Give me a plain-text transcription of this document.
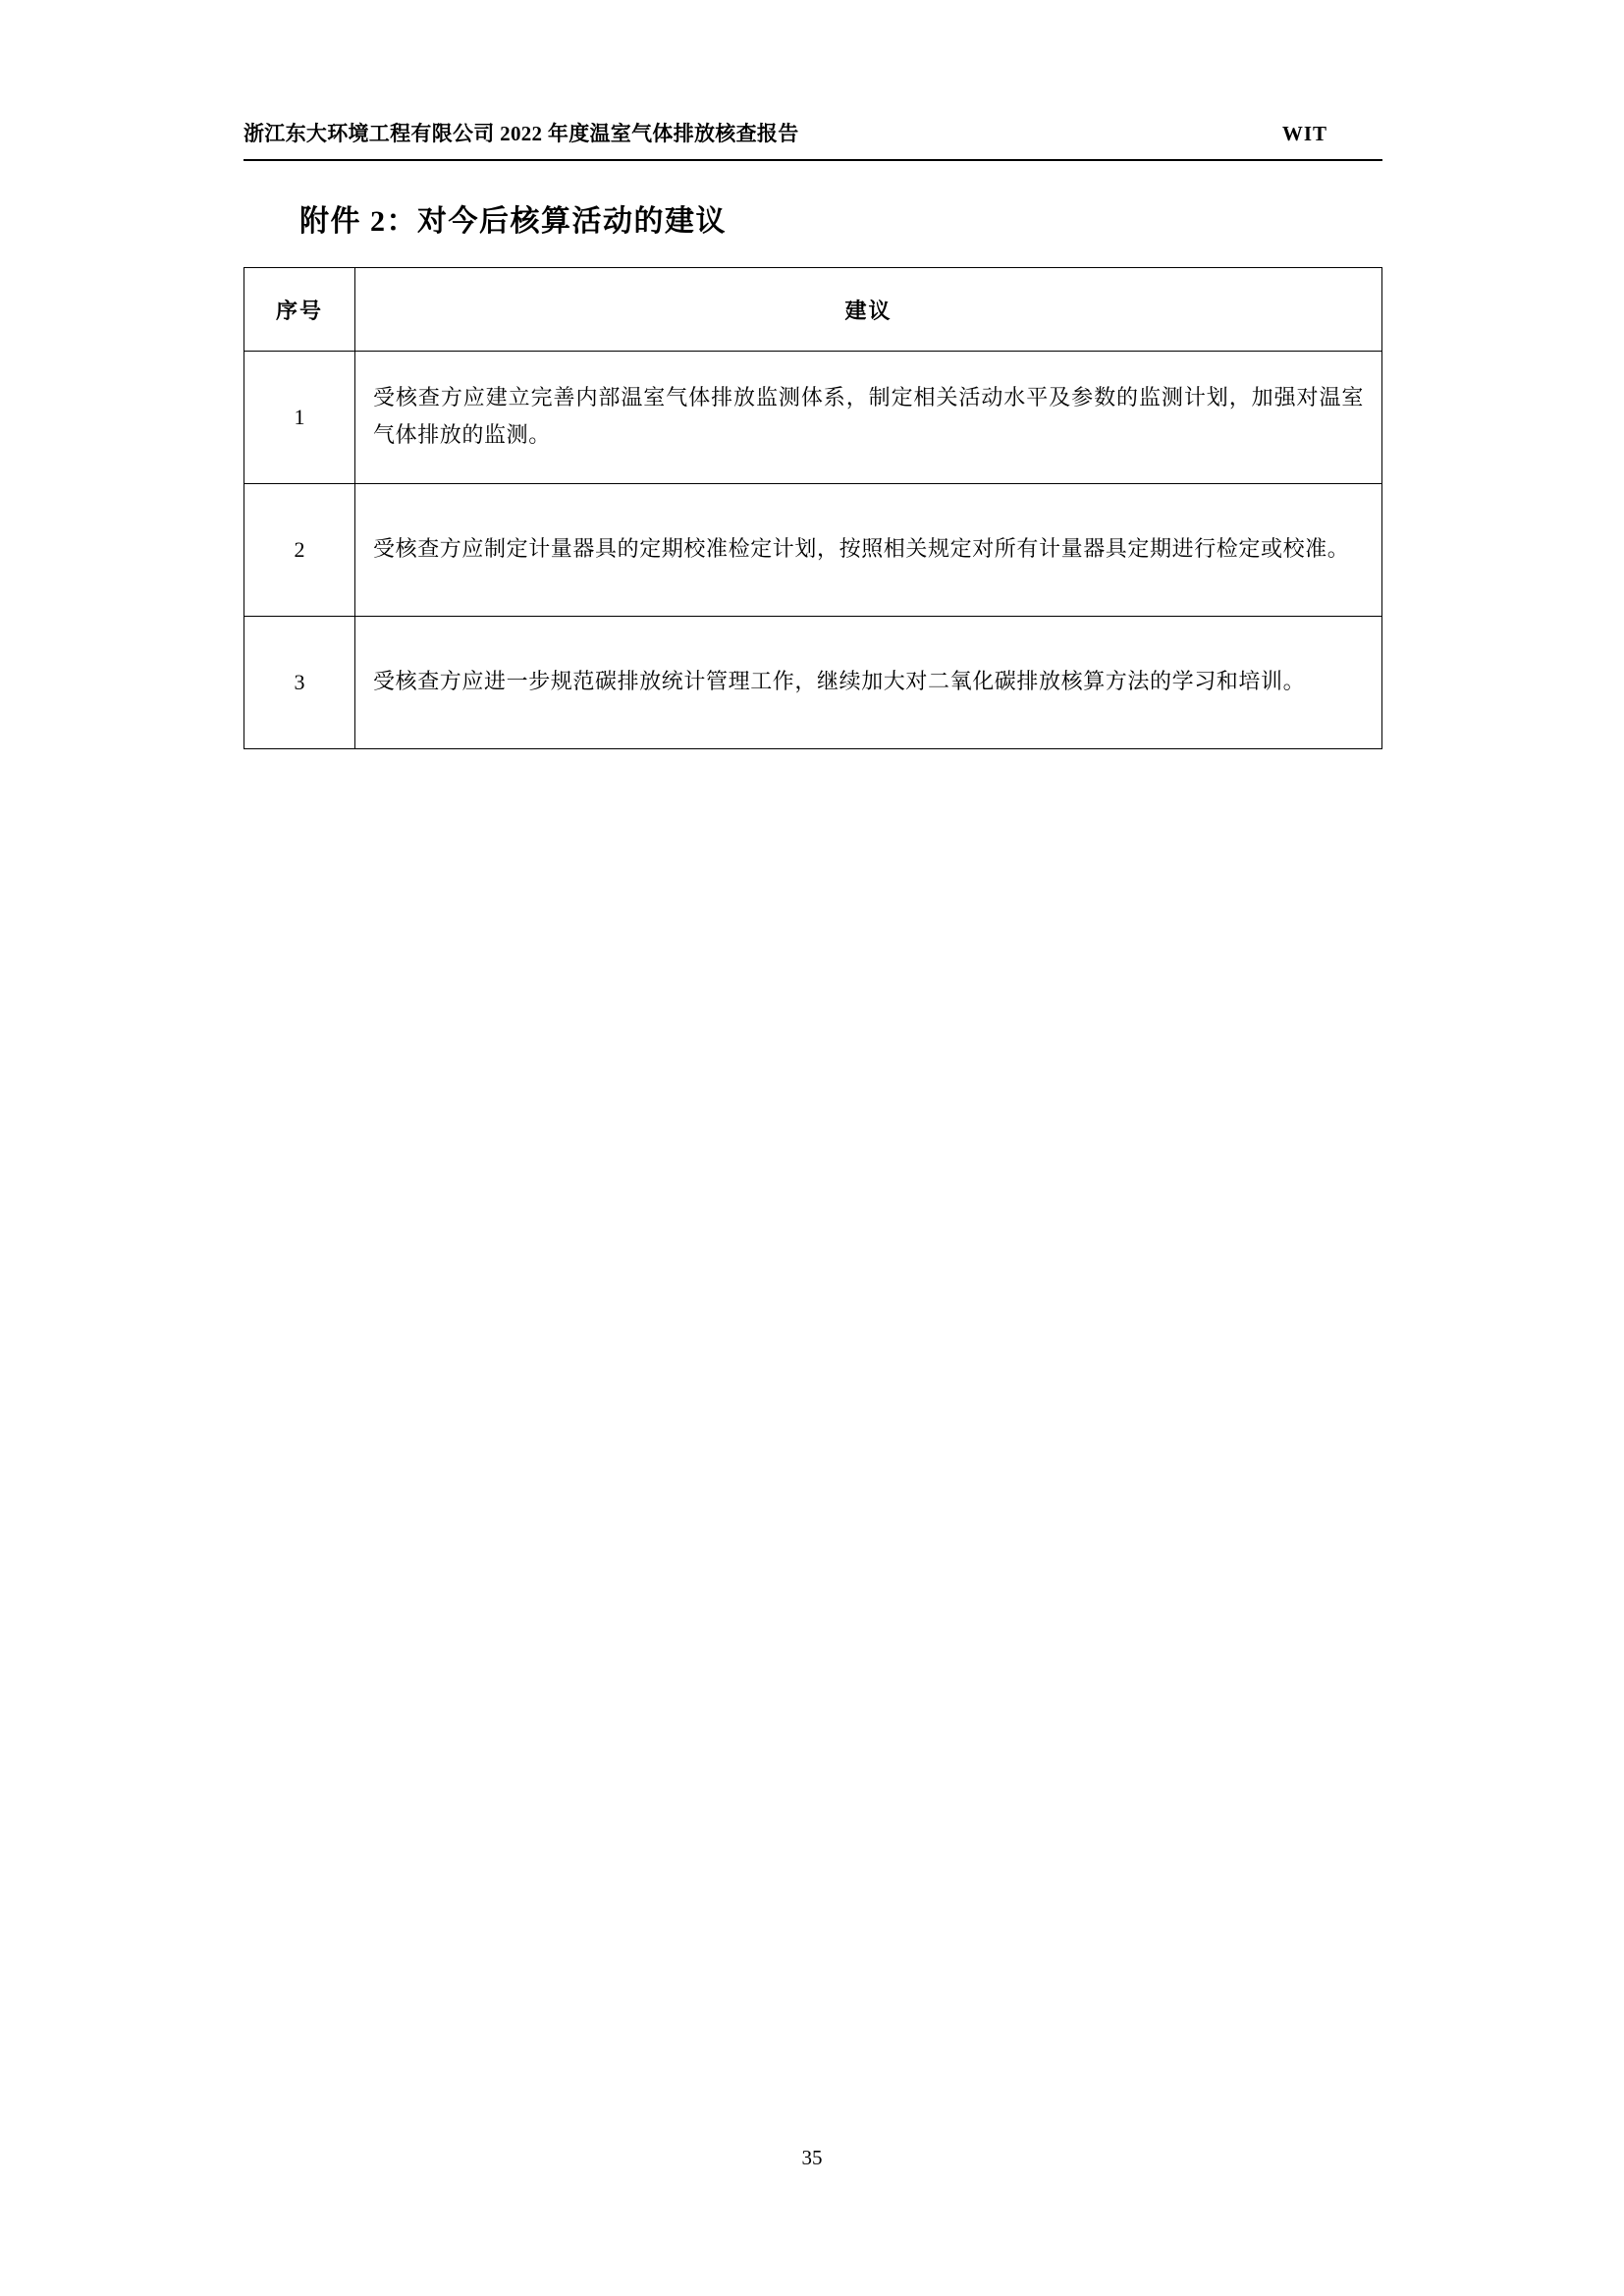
浙江东大环境工程有限公司 2022 年度温室气体排放核查报告	WIT
附件 2：对今后核算活动的建议
序号	建议
1	受核查方应建立完善内部温室气体排放监测体系，制定相关活动水平及参数的监测计划，加强对温室气体排放的监测。
2	受核查方应制定计量器具的定期校准检定计划，按照相关规定对所有计量器具定期进行检定或校准。
3	受核查方应进一步规范碳排放统计管理工作，继续加大对二氧化碳排放核算方法的学习和培训。
35
